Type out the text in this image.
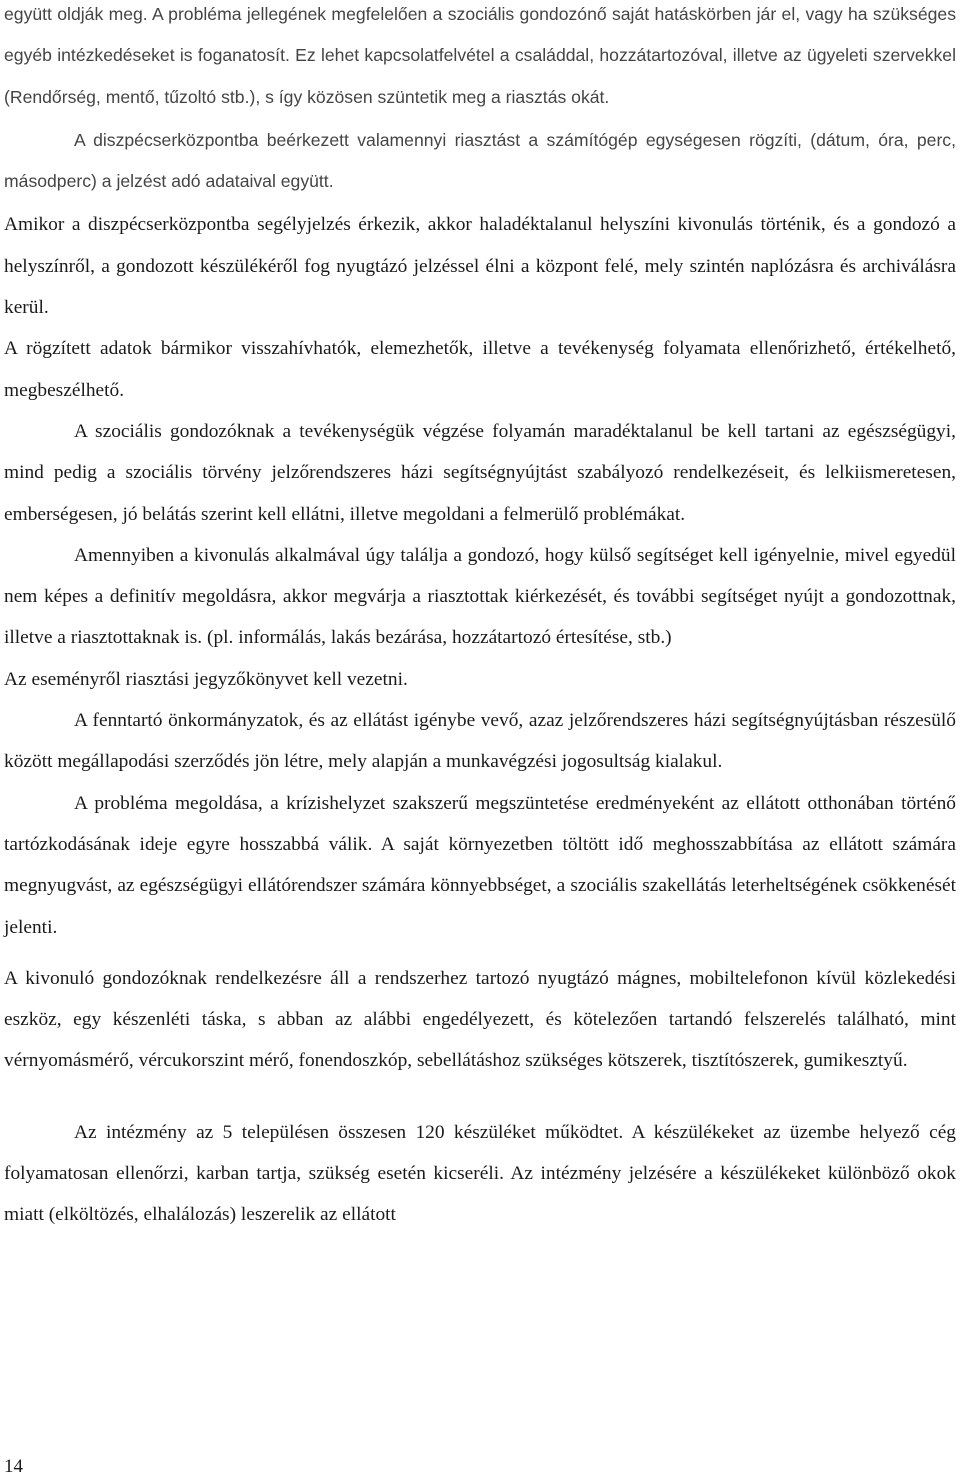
együtt oldják meg. A probléma jellegének megfelelően a szociális gondozónő saját hatáskörben jár el, vagy ha szükséges egyéb intézkedéseket is foganatosít. Ez lehet kapcsolatfelvétel a családdal, hozzátartozóval, illetve az ügyeleti szervekkel (Rendőrség, mentő, tűzoltó stb.), s így közösen szüntetik meg a riasztás okát.

A diszpécserközpontba beérkezett valamennyi riasztást a számítógép egységesen rögzíti, (dátum, óra, perc, másodperc) a jelzést adó adataival együtt.

Amikor a diszpécserközpontba segélyjelzés érkezik, akkor haladéktalanul helyszíni kivonulás történik, és a gondozó a helyszínről, a gondozott készülékéről fog nyugtázó jelzéssel élni a központ felé, mely szintén naplózásra és archiválásra kerül.

A rögzített adatok bármikor visszahívhatók, elemezhetők, illetve a tevékenység folyamata ellenőrizhető, értékelhető, megbeszélhető.

A szociális gondozóknak a tevékenységük végzése folyamán maradéktalanul be kell tartani az egészségügyi, mind pedig a szociális törvény jelzőrendszeres házi segítségnyújtást szabályozó rendelkezéseit, és lelkiismeretesen, emberségesen, jó belátás szerint kell ellátni, illetve megoldani a felmerülő problémákat.

Amennyiben a kivonulás alkalmával úgy találja a gondozó, hogy külső segítséget kell igényelnie, mivel egyedül nem képes a definitív megoldásra, akkor megvárja a riasztottak kiérkezését, és további segítséget nyújt a gondozottnak, illetve a riasztottaknak is. (pl. informálás, lakás bezárása, hozzátartozó értesítése, stb.)

Az eseményről riasztási jegyzőkönyvet kell vezetni.

A fenntartó önkormányzatok, és az ellátást igénybe vevő, azaz jelzőrendszeres házi segítségnyújtásban részesülő között megállapodási szerződés jön létre, mely alapján a munkavégzési jogosultság kialakul.

A probléma megoldása, a krízishelyzet szakszerű megszüntetése eredményeként az ellátott otthonában történő tartózkodásának ideje egyre hosszabbá válik. A saját környezetben töltött idő meghosszabbítása az ellátott számára megnyugvást, az egészségügyi ellátórendszer számára könnyebbséget, a szociális szakellátás leterheltségének csökkenését jelenti.

A kivonuló gondozóknak rendelkezésre áll a rendszerhez tartozó nyugtázó mágnes, mobiltelefonon kívül közlekedési eszköz, egy készenléti táska, s abban az alábbi engedélyezett, és kötelezően tartandó felszerelés található, mint vérnyomásmérő, vércukorszint mérő, fonendoszkóp, sebellátáshoz szükséges kötszerek, tisztítószerek, gumikesztyű.

Az intézmény az 5 településen összesen 120 készüléket működtet. A készülékeket az üzembe helyező cég folyamatosan ellenőrzi, karban tartja, szükség esetén kicseréli. Az intézmény jelzésére a készülékeket különböző okok miatt (elköltözés, elhalálozás) leszerelik az ellátott

14
